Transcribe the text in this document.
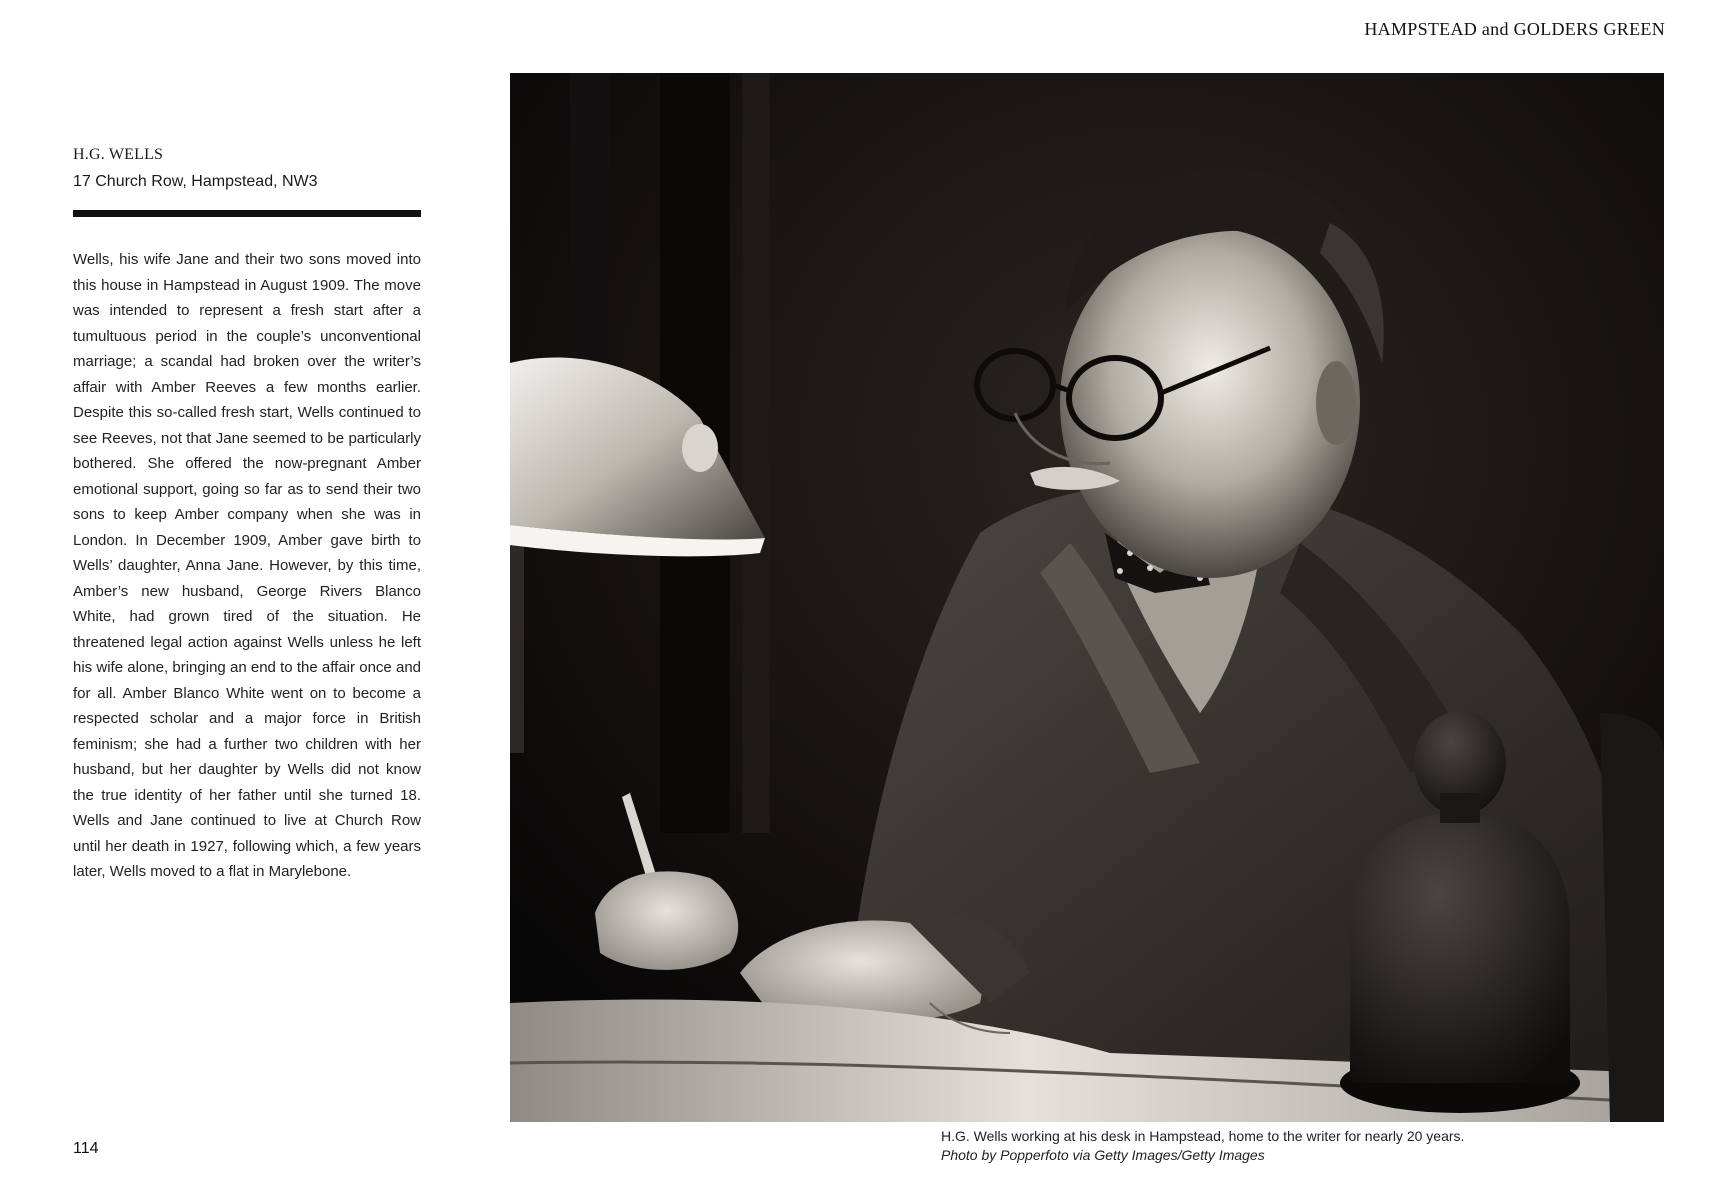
HAMPSTEAD and GOLDERS GREEN

H.G. WELLS

17 Church Row, Hampstead, NW3

Wells, his wife Jane and their two sons moved into this house in Hampstead in August 1909. The move was intended to represent a fresh start after a tumultuous period in the couple’s unconventional marriage; a scandal had broken over the writer’s affair with Amber Reeves a few months earlier. Despite this so-called fresh start, Wells continued to see Reeves, not that Jane seemed to be particularly bothered. She offered the now-pregnant Amber emotional support, going so far as to send their two sons to keep Amber company when she was in London. In December 1909, Amber gave birth to Wells’ daughter, Anna Jane. However, by this time, Amber’s new husband, George Rivers Blanco White, had grown tired of the situation. He threatened legal action against Wells unless he left his wife alone, bringing an end to the affair once and for all. Amber Blanco White went on to become a respected scholar and a major force in British feminism; she had a further two children with her husband, but her daughter by Wells did not know the true identity of her father until she turned 18. Wells and Jane continued to live at Church Row until her death in 1927, following which, a few years later, Wells moved to a flat in Marylebone.

114
H.G. Wells working at his desk in Hampstead, home to the writer for nearly 20 years.
Photo by Popperfoto via Getty Images/Getty Images
